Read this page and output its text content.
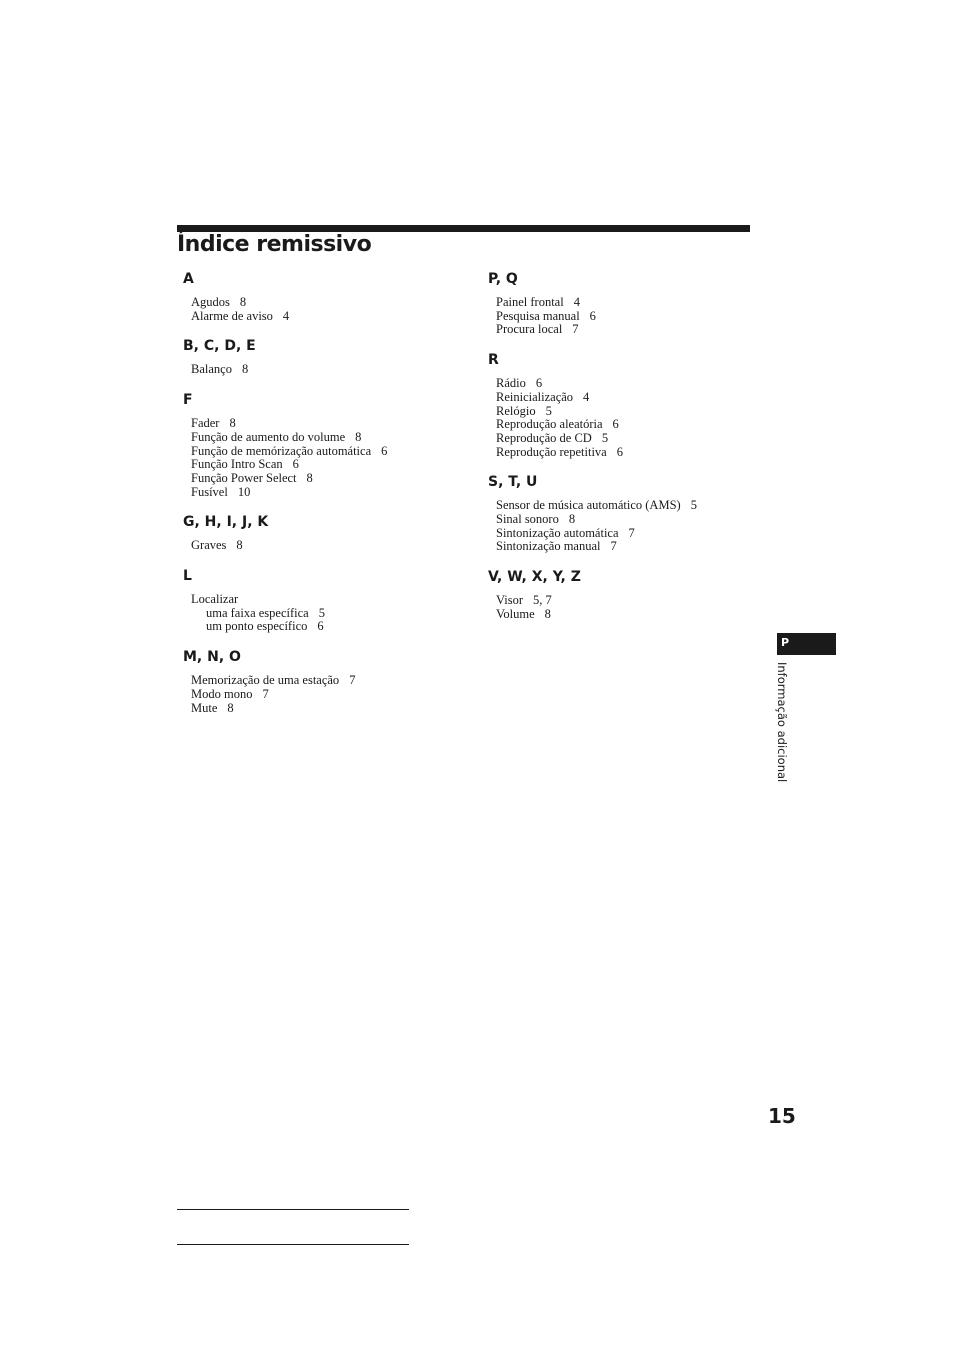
Índice remissivo
A
Agudos 8
Alarme de aviso 4
B, C, D, E
Balanço 8
F
Fader 8
Função de aumento do volume 8
Função de memórização automática 6
Função Intro Scan 6
Função Power Select 8
Fusível 10
G, H, I, J, K
Graves 8
L
Localizar
uma faixa específica 5
um ponto específico 6
M, N, O
Memorização de uma estação 7
Modo mono 7
Mute 8
P, Q
Painel frontal 4
Pesquisa manual 6
Procura local 7
R
Rádio 6
Reinicialização 4
Relógio 5
Reprodução aleatória 6
Reprodução de CD 5
Reprodução repetitiva 6
S, T, U
Sensor de música automático (AMS) 5
Sinal sonoro 8
Sintonização automática 7
Sintonização manual 7
V, W, X, Y, Z
Visor 5, 7
Volume 8
P
Informação adicional
15
